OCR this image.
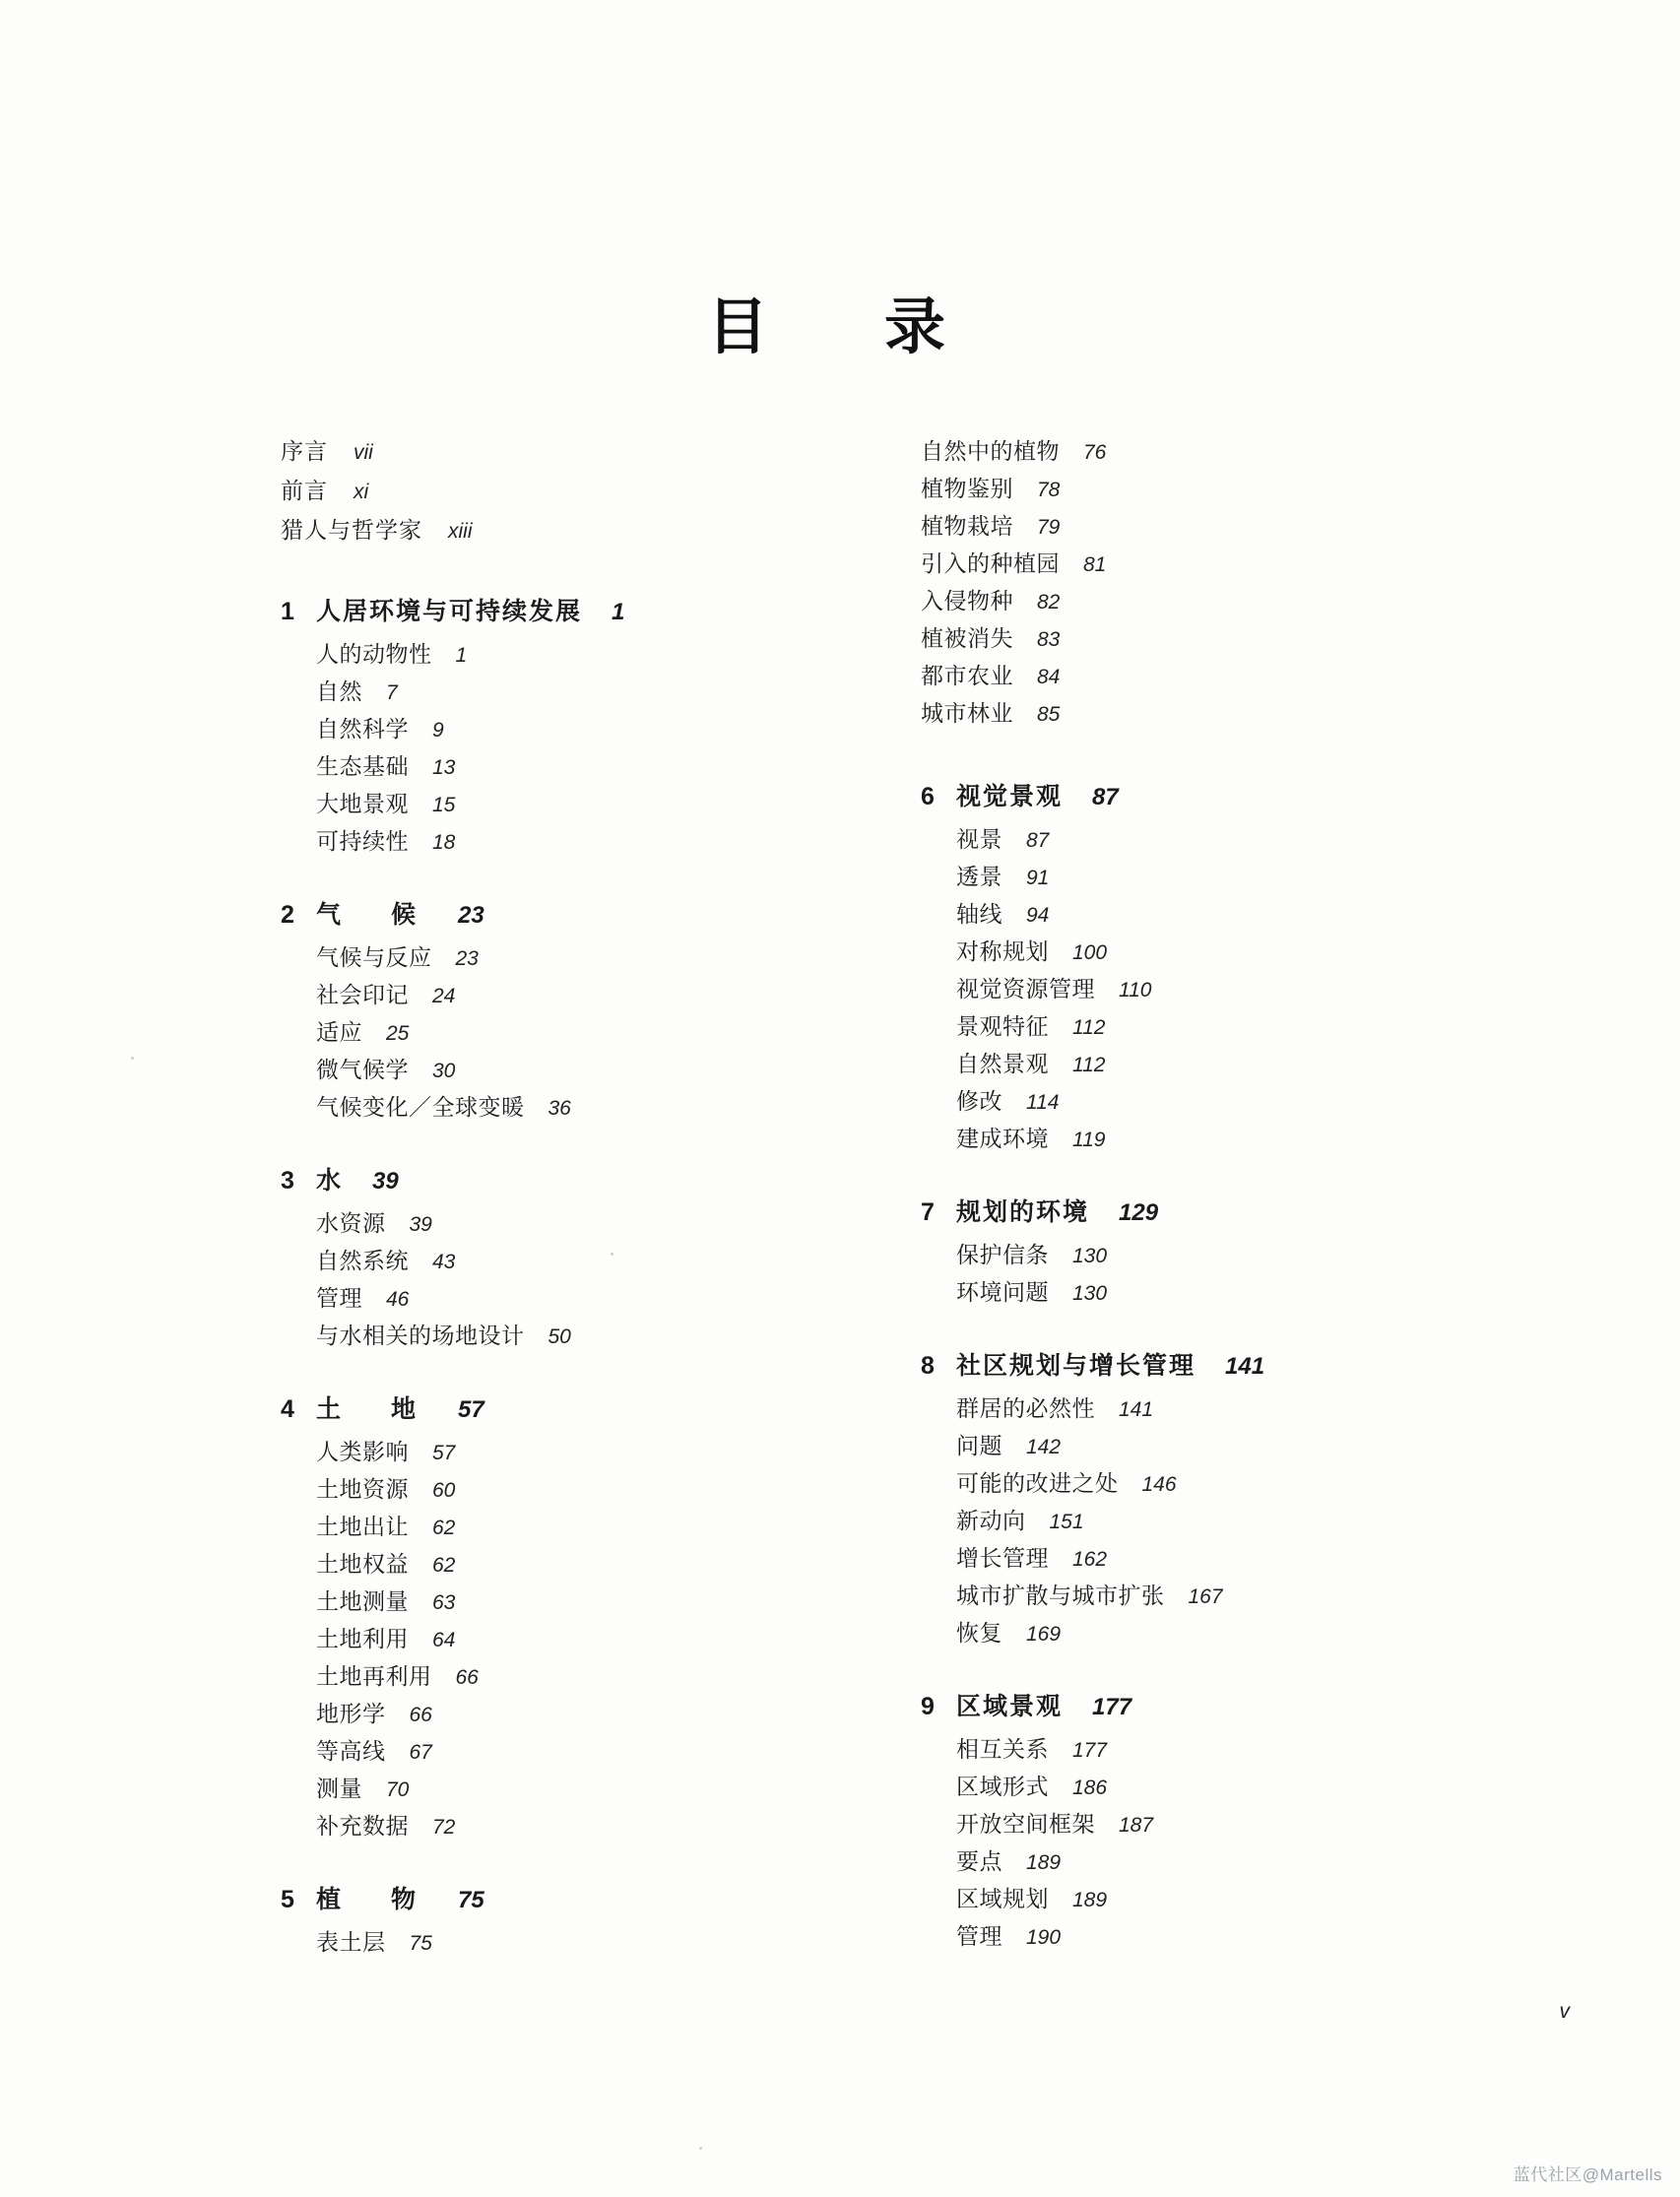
目　录
序言 vii
前言 xi
猎人与哲学家 xiii
1 人居环境与可持续发展 1
人的动物性 1
自然 7
自然科学 9
生态基础 13
大地景观 15
可持续性 18
2 气　候 23
气候与反应 23
社会印记 24
适应 25
微气候学 30
气候变化／全球变暖 36
3 水 39
水资源 39
自然系统 43
管理 46
与水相关的场地设计 50
4 土　地 57
人类影响 57
土地资源 60
土地出让 62
土地权益 62
土地测量 63
土地利用 64
土地再利用 66
地形学 66
等高线 67
测量 70
补充数据 72
5 植　物 75
表土层 75
自然中的植物 76
植物鉴别 78
植物栽培 79
引入的种植园 81
入侵物种 82
植被消失 83
都市农业 84
城市林业 85
6 视觉景观 87
视景 87
透景 91
轴线 94
对称规划 100
视觉资源管理 110
景观特征 112
自然景观 112
修改 114
建成环境 119
7 规划的环境 129
保护信条 130
环境问题 130
8 社区规划与增长管理 141
群居的必然性 141
问题 142
可能的改进之处 146
新动向 151
增长管理 162
城市扩散与城市扩张 167
恢复 169
9 区域景观 177
相互关系 177
区域形式 186
开放空间框架 187
要点 189
区域规划 189
管理 190
v
蓝代社区@Martells
